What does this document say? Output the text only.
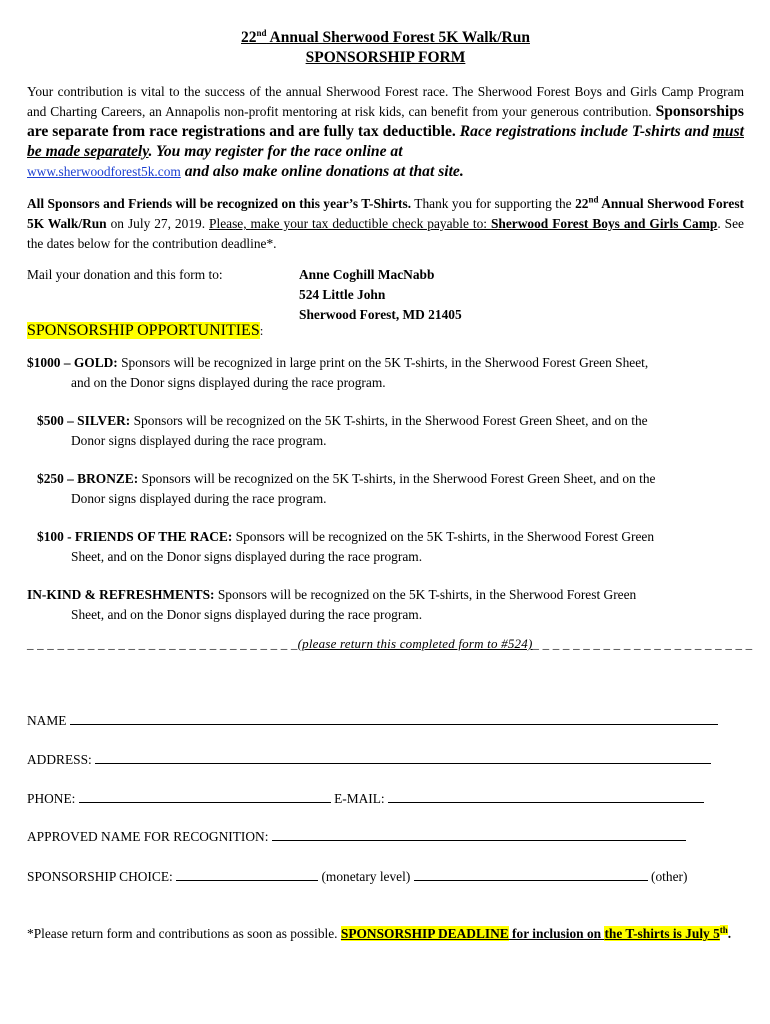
22nd Annual Sherwood Forest 5K Walk/Run
SPONSORSHIP FORM

Your contribution is vital to the success of the annual Sherwood Forest race. The Sherwood Forest Boys and Girls Camp Program and Charting Careers, an Annapolis non-profit mentoring at risk kids, can benefit from your generous contribution. Sponsorships are separate from race registrations and are fully tax deductible. Race registrations include T-shirts and must be made separately. You may register for the race online at
www.sherwoodforest5k.com and also make online donations at that site.

All Sponsors and Friends will be recognized on this year’s T-Shirts. Thank you for supporting the 22nd Annual Sherwood Forest 5K Walk/Run on July 27, 2019. Please, make your tax deductible check payable to: Sherwood Forest Boys and Girls Camp. See the dates below for the contribution deadline*.

Mail your donation and this form to:	Anne Coghill MacNabb
524 Little John
Sherwood Forest, MD 21405
SPONSORSHIP OPPORTUNITIES:
$1000 – GOLD: Sponsors will be recognized in large print on the 5K T-shirts, in the Sherwood Forest Green Sheet,
and on the Donor signs displayed during the race program.
$500 – SILVER: Sponsors will be recognized on the 5K T-shirts, in the Sherwood Forest Green Sheet, and on the
Donor signs displayed during the race program.
$250 – BRONZE: Sponsors will be recognized on the 5K T-shirts, in the Sherwood Forest Green Sheet, and on the
Donor signs displayed during the race program.
$100 - FRIENDS OF THE RACE: Sponsors will be recognized on the 5K T-shirts, in the Sherwood Forest Green
Sheet, and on the Donor signs displayed during the race program.
IN-KIND & REFRESHMENTS: Sponsors will be recognized on the 5K T-shirts, in the Sherwood Forest Green
Sheet, and on the Donor signs displayed during the race program.
_ _ _ _ _ _ _ _ _ _ _ _ _ _ _ _ _ _ _ _ _ _ _ _ _ _ _(please return this completed form to #524)_ _ _ _ _ _ _ _ _ _ _ _ _ _ _ _ _ _ _ _ _ _
NAME
ADDRESS:
PHONE:	E-MAIL:
APPROVED NAME FOR RECOGNITION:
SPONSORSHIP CHOICE:	(monetary level)	(other)

*Please return form and contributions as soon as possible. SPONSORSHIP DEADLINE for inclusion on the T-shirts is July 5th.
